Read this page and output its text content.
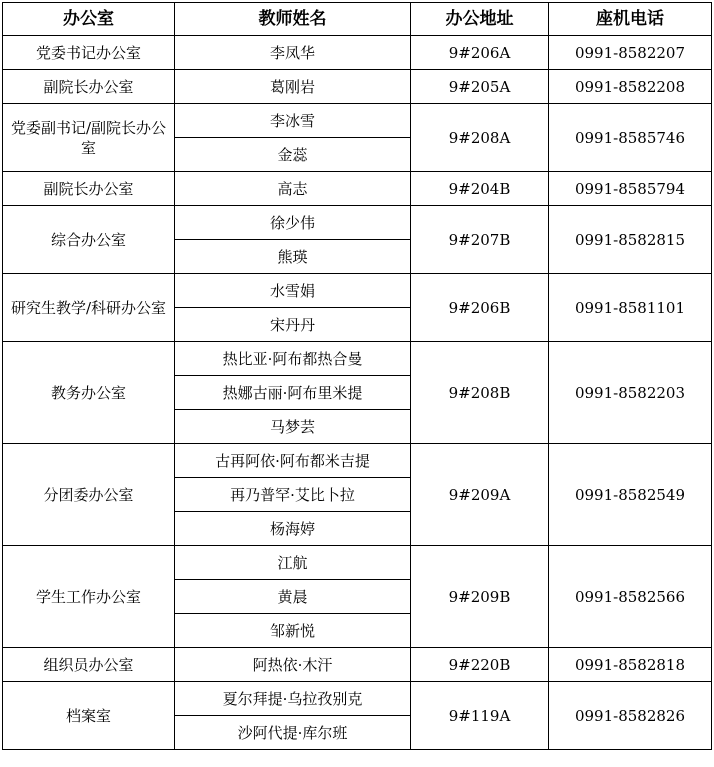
办公室	教师姓名	办公地址	座机电话
党委书记办公室	李凤华	9#206A	0991-8582207
副院长办公室	葛刚岩	9#205A	0991-8582208
党委副书记/副院长办公室	李冰雪	9#208A	0991-8585746
	金蕊		
副院长办公室	高志	9#204B	0991-8585794
综合办公室	徐少伟	9#207B	0991-8582815
	熊瑛		
研究生教学/科研办公室	水雪娟	9#206B	0991-8581101
	宋丹丹		
教务办公室	热比亚·阿布都热合曼	9#208B	0991-8582203
	热娜古丽·阿布里米提		
	马梦芸		
分团委办公室	古再阿依·阿布都米吉提	9#209A	0991-8582549
	再乃普罕·艾比卜拉		
	杨海婷		
学生工作办公室	江航	9#209B	0991-8582566
	黄晨		
	邹新悦		
组织员办公室	阿热依·木汗	9#220B	0991-8582818
档案室	夏尔拜提·乌拉孜别克	9#119A	0991-8582826
	沙阿代提·库尔班		
